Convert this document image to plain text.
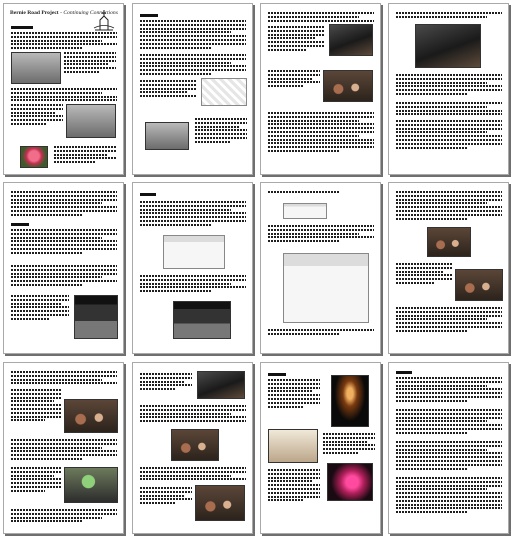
Bernie Road Project - Continuing Connections
